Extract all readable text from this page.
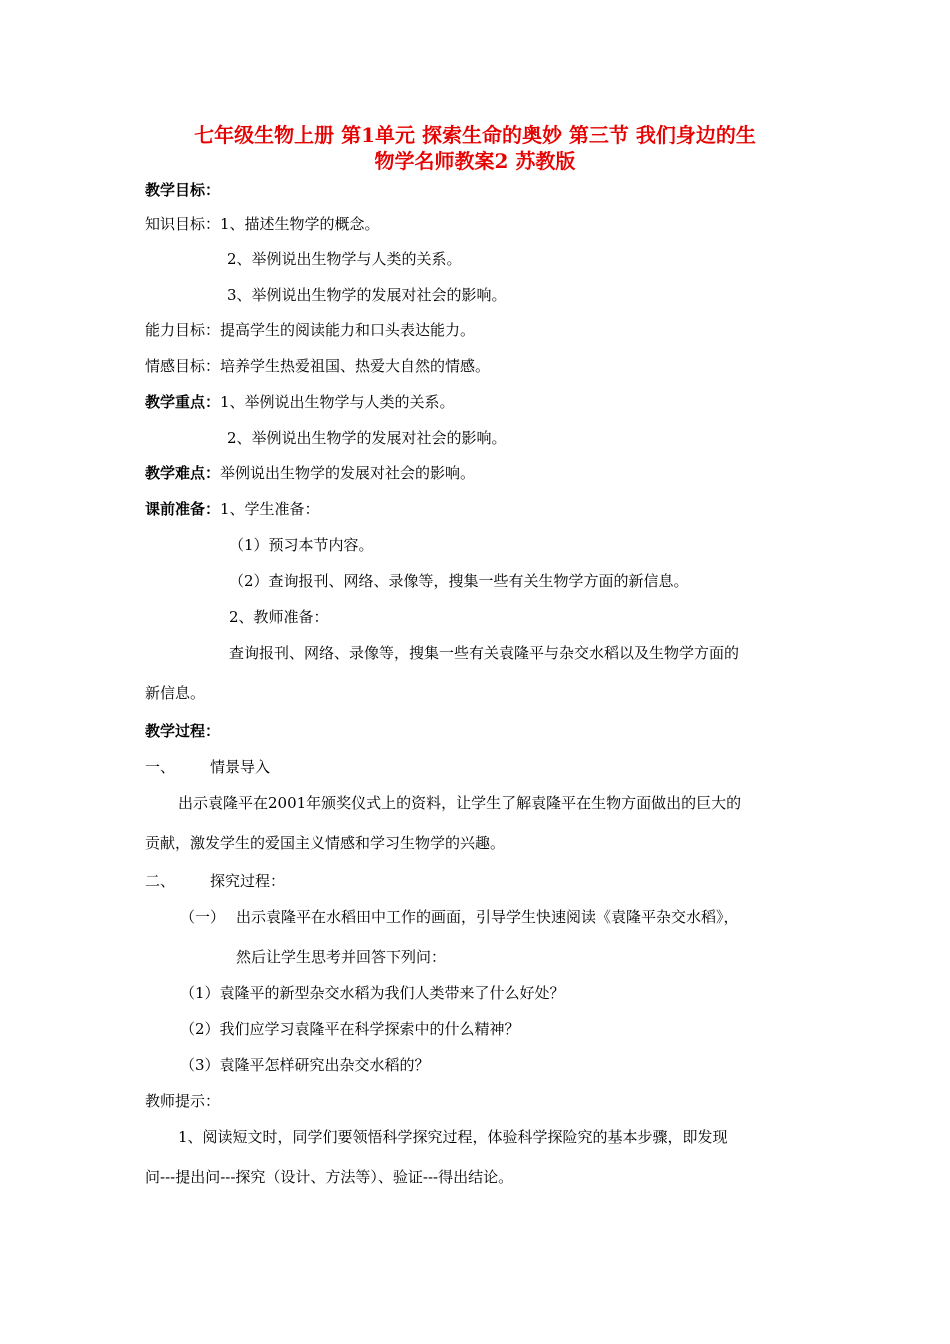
七年级生物上册 第1单元 探索生命的奥妙 第三节 我们身边的生
物学名师教案2 苏教版
教学目标：
知识目标：1、描述生物学的概念。
2、举例说出生物学与人类的关系。
3、举例说出生物学的发展对社会的影响。
能力目标：提高学生的阅读能力和口头表达能力。
情感目标：培养学生热爱祖国、热爱大自然的情感。
教学重点：1、举例说出生物学与人类的关系。
2、举例说出生物学的发展对社会的影响。
教学难点：举例说出生物学的发展对社会的影响。
课前准备：1、学生准备：
（1）预习本节内容。
（2）查询报刊、网络、录像等，搜集一些有关生物学方面的新信息。
2、教师准备：
查询报刊、网络、录像等，搜集一些有关袁隆平与杂交水稻以及生物学方面的
新信息。
教学过程：
一、 情景导入
出示袁隆平在2001年颁奖仪式上的资料，让学生了解袁隆平在生物方面做出的巨大的
贡献，激发学生的爱国主义情感和学习生物学的兴趣。
二、 探究过程：
（一） 出示袁隆平在水稻田中工作的画面，引导学生快速阅读《袁隆平杂交水稻》，
然后让学生思考并回答下列问：
（1）袁隆平的新型杂交水稻为我们人类带来了什么好处？
（2）我们应学习袁隆平在科学探索中的什么精神？
（3）袁隆平怎样研究出杂交水稻的？
教师提示：
1、阅读短文时，同学们要领悟科学探究过程，体验科学探险究的基本步骤，即发现
问---提出问---探究（设计、方法等）、验证---得出结论。
